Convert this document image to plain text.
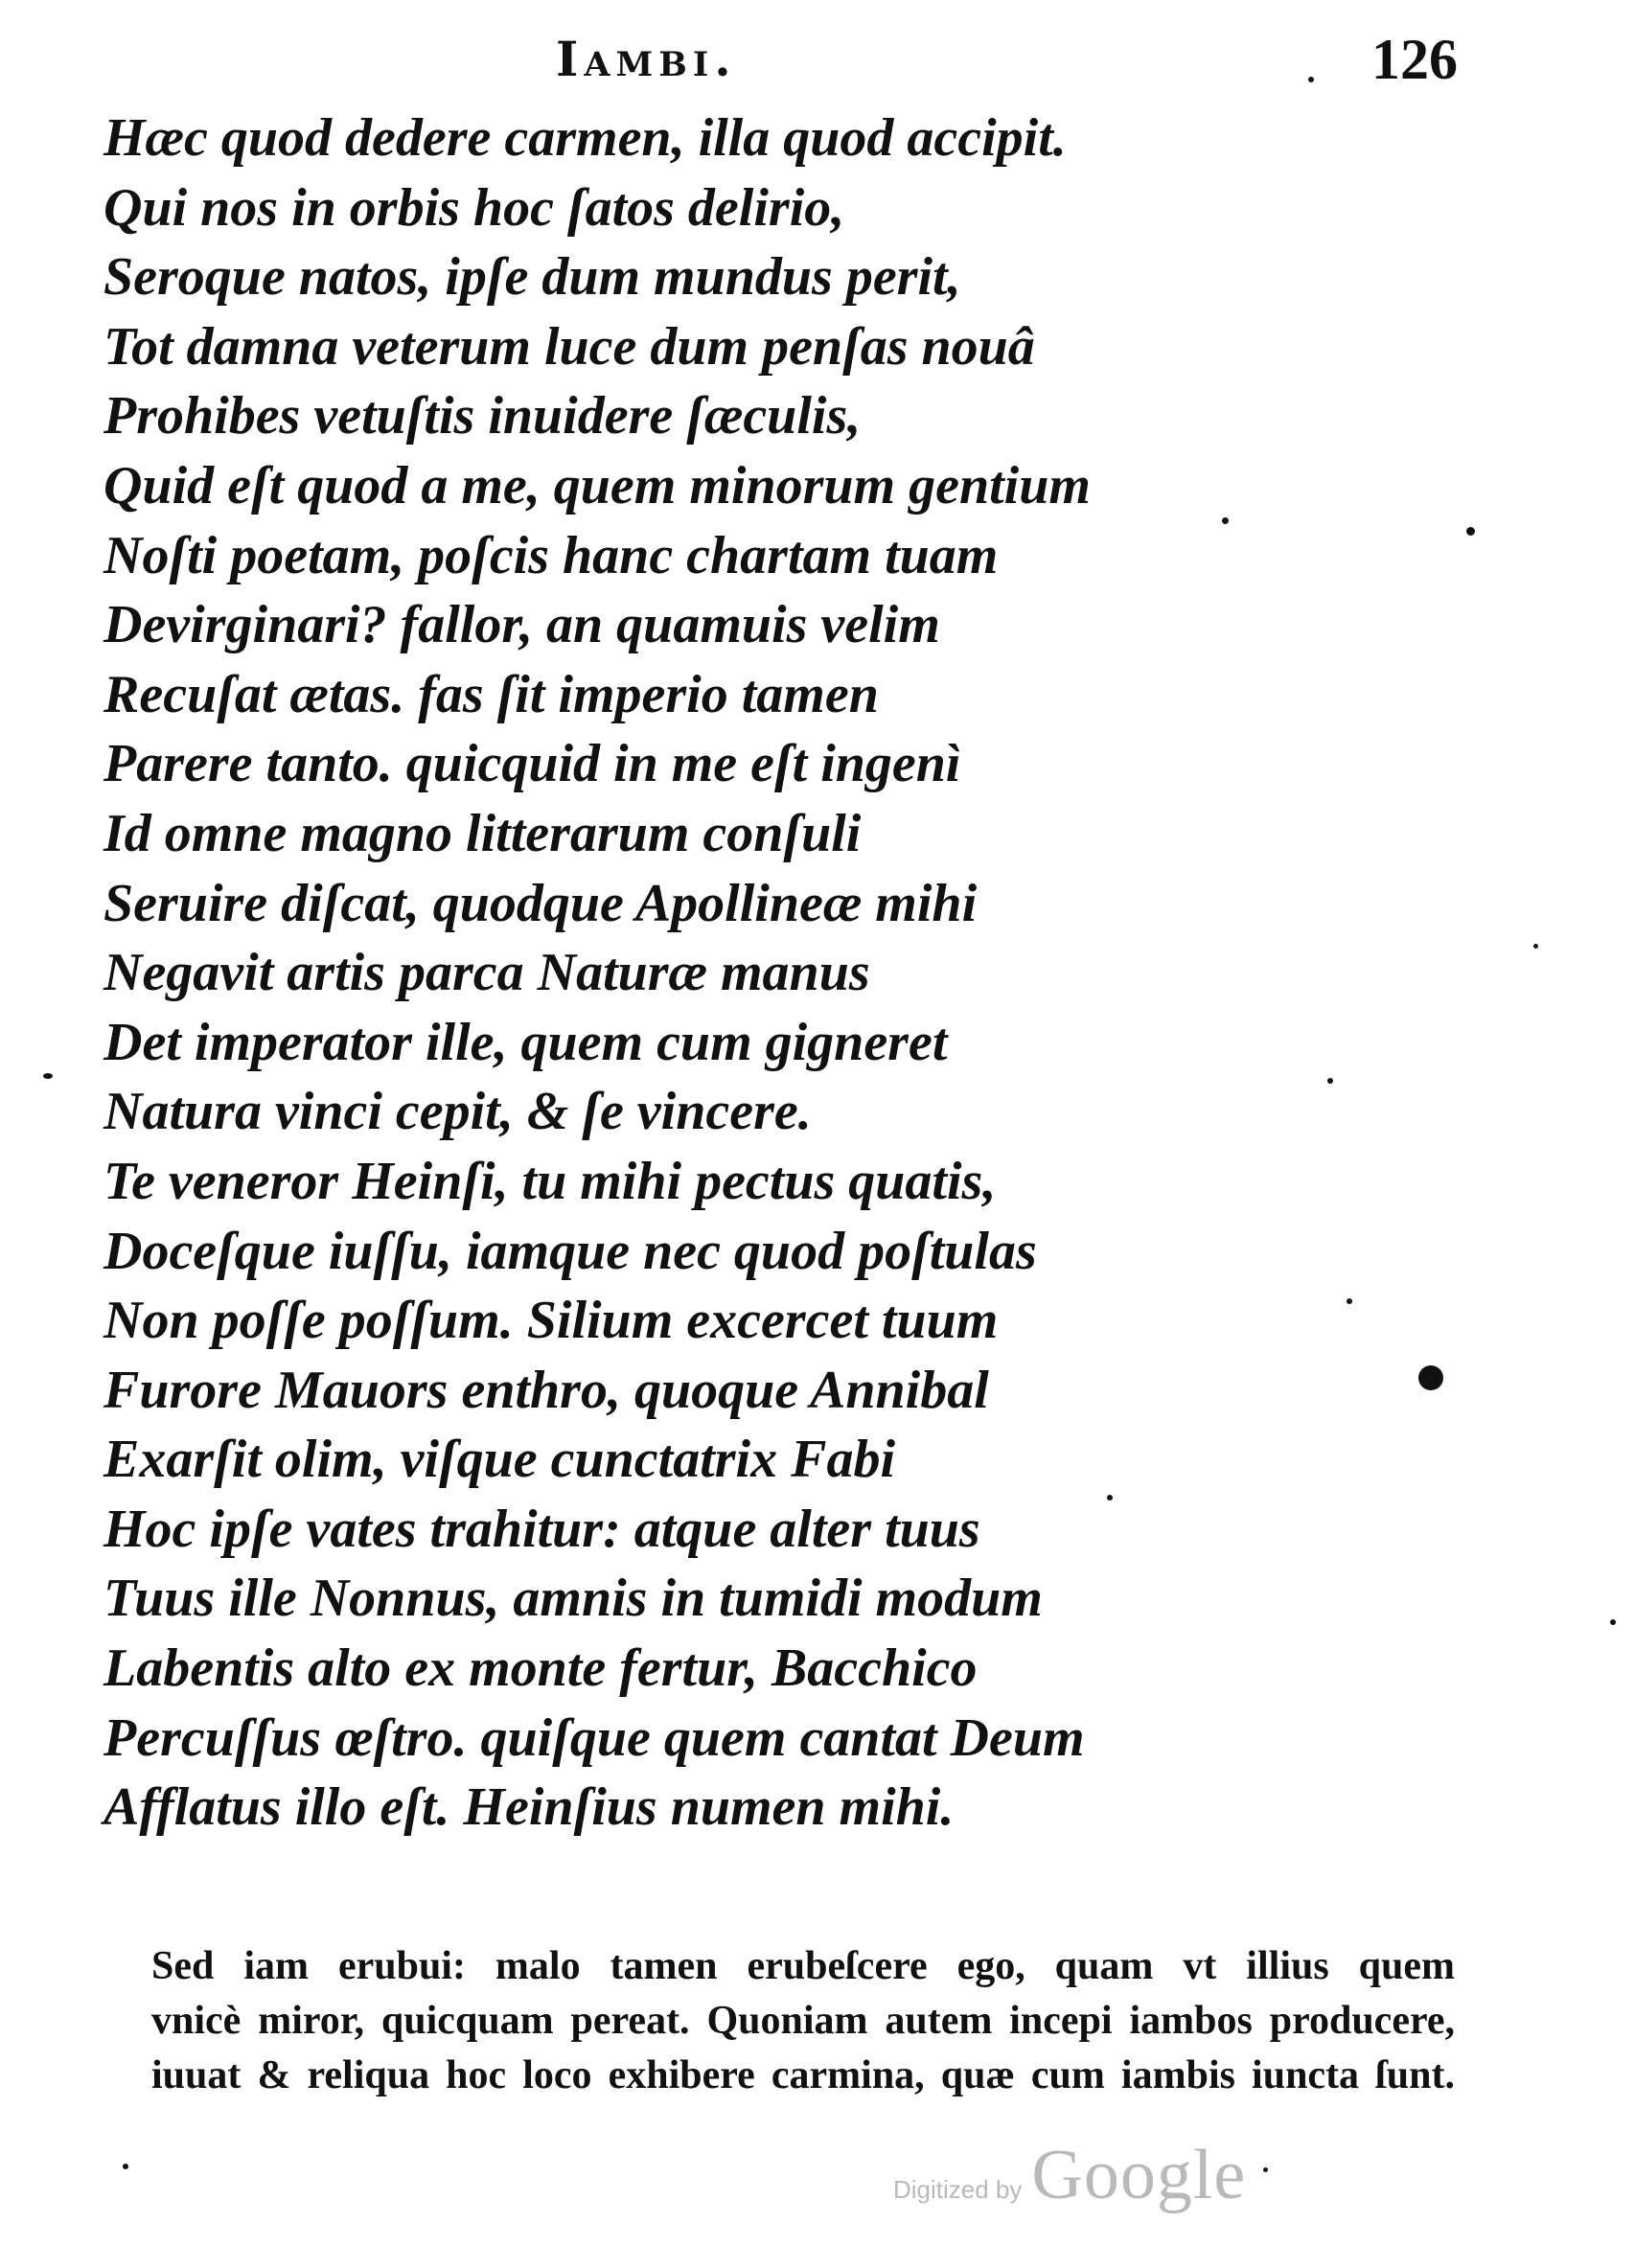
Iambi.	126
Hæc quod dedere carmen, illa quod accipit.
Qui nos in orbis hoc ſatos delirio,
Seroque natos, ipſe dum mundus perit,
Tot damna veterum luce dum penſas nouâ
Prohibes vetuſtis inuidere ſæculis,
Quid eſt quod a me, quem minorum gentium
Noſti poetam, poſcis hanc chartam tuam
Devirginari? fallor, an quamuis velim
Recuſat ætas. fas ſit imperio tamen
Parere tanto. quicquid in me eſt ingenì
Id omne magno litterarum conſuli
Seruire diſcat, quodque Apollineæ mihi
Negavit artis parca Naturæ manus
Det imperator ille, quem cum gigneret
Natura vinci cepit, & ſe vincere.
Te veneror Heinſi, tu mihi pectus quatis,
Doceſque iuſſu, iamque nec quod poſtulas
Non poſſe poſſum. Silium excercet tuum
Furore Mauors enthro, quoque Annibal
Exarſit olim, viſque cunctatrix Fabi
Hoc ipſe vates trahitur: atque alter tuus
Tuus ille Nonnus, amnis in tumidi modum
Labentis alto ex monte fertur, Bacchico
Percuſſus œſtro. quiſque quem cantat Deum
Afflatus illo eſt. Heinſius numen mihi.
Sed iam erubui: malo tamen erubeſcere ego, quam vt illius quem
vnicè miror, quicquam pereat. Quoniam autem incepi iambos producere,
iuuat & reliqua hoc loco exhibere carmina, quæ cum iambis iuncta ſunt.
Digitized by Google
